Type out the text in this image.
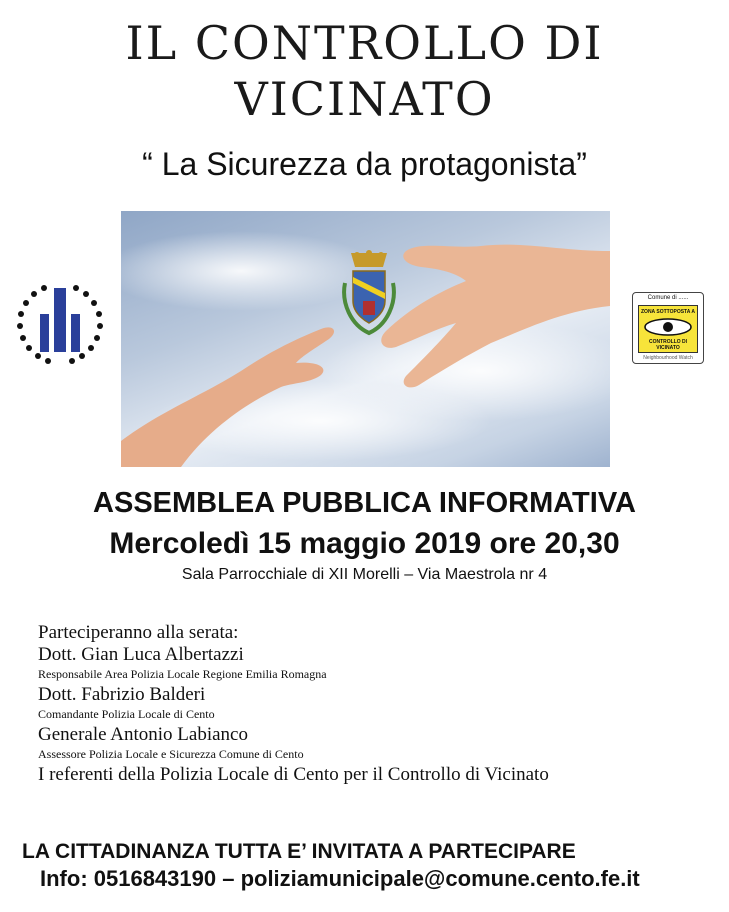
IL CONTROLLO DI
VICINATO
“ La Sicurezza da protagonista”
Comune di ......
ZONA SOTTOPOSTA A
CONTROLLO DI VICINATO
Neighbourhood Watch
ASSEMBLEA PUBBLICA INFORMATIVA
Mercoledì 15 maggio 2019 ore 20,30
Sala Parrocchiale di XII Morelli – Via Maestrola nr 4
Parteciperanno alla serata:
Dott. Gian Luca Albertazzi
Responsabile Area Polizia Locale Regione Emilia Romagna
Dott. Fabrizio Balderi
Comandante Polizia Locale di Cento
Generale Antonio Labianco
Assessore Polizia Locale e Sicurezza Comune di Cento
I referenti della Polizia Locale di Cento per il Controllo di Vicinato
LA CITTADINANZA TUTTA E’ INVITATA A PARTECIPARE
Info: 0516843190 – poliziamunicipale@comune.cento.fe.it
